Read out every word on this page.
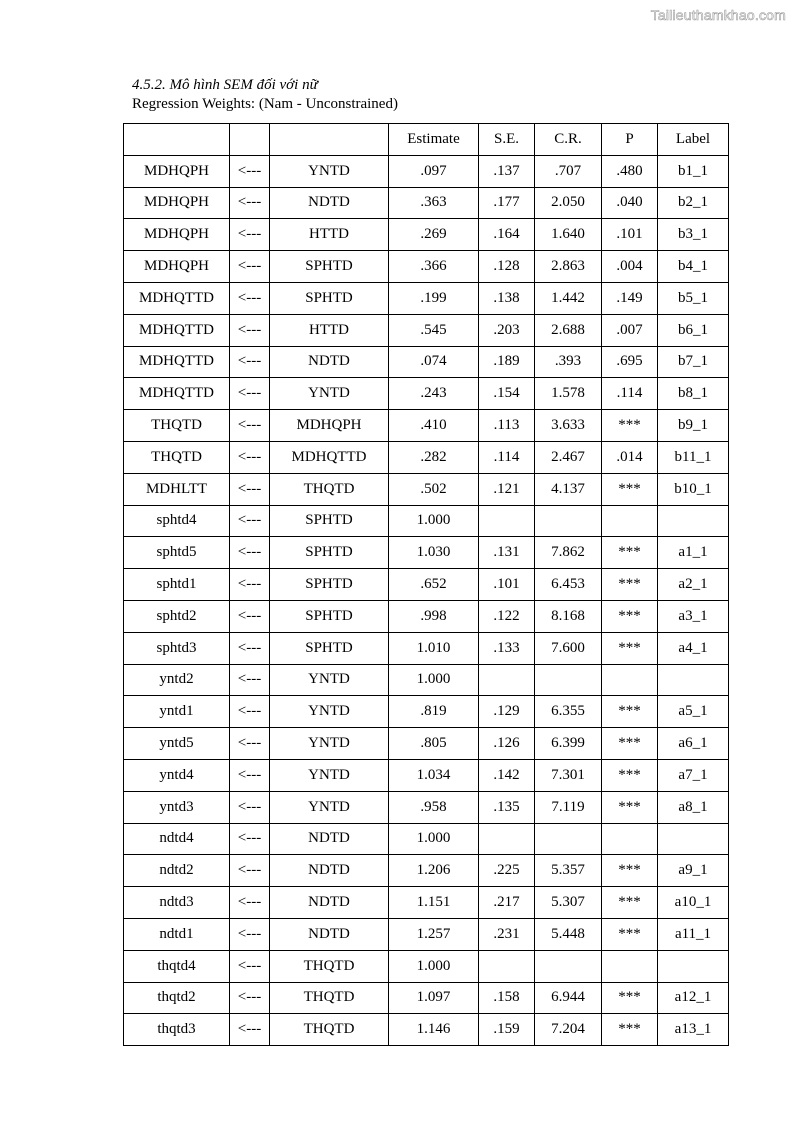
Tailieuthamkhao.com
4.5.2. Mô hình SEM đối với nữ
Regression Weights: (Nam - Unconstrained)
			Estimate	S.E.	C.R.	P	Label
MDHQPH	<---	YNTD	.097	.137	.707	.480	b1_1
MDHQPH	<---	NDTD	.363	.177	2.050	.040	b2_1
MDHQPH	<---	HTTD	.269	.164	1.640	.101	b3_1
MDHQPH	<---	SPHTD	.366	.128	2.863	.004	b4_1
MDHQTTD	<---	SPHTD	.199	.138	1.442	.149	b5_1
MDHQTTD	<---	HTTD	.545	.203	2.688	.007	b6_1
MDHQTTD	<---	NDTD	.074	.189	.393	.695	b7_1
MDHQTTD	<---	YNTD	.243	.154	1.578	.114	b8_1
THQTD	<---	MDHQPH	.410	.113	3.633	***	b9_1
THQTD	<---	MDHQTTD	.282	.114	2.467	.014	b11_1
MDHLTT	<---	THQTD	.502	.121	4.137	***	b10_1
sphtd4	<---	SPHTD	1.000				
sphtd5	<---	SPHTD	1.030	.131	7.862	***	a1_1
sphtd1	<---	SPHTD	.652	.101	6.453	***	a2_1
sphtd2	<---	SPHTD	.998	.122	8.168	***	a3_1
sphtd3	<---	SPHTD	1.010	.133	7.600	***	a4_1
yntd2	<---	YNTD	1.000				
yntd1	<---	YNTD	.819	.129	6.355	***	a5_1
yntd5	<---	YNTD	.805	.126	6.399	***	a6_1
yntd4	<---	YNTD	1.034	.142	7.301	***	a7_1
yntd3	<---	YNTD	.958	.135	7.119	***	a8_1
ndtd4	<---	NDTD	1.000				
ndtd2	<---	NDTD	1.206	.225	5.357	***	a9_1
ndtd3	<---	NDTD	1.151	.217	5.307	***	a10_1
ndtd1	<---	NDTD	1.257	.231	5.448	***	a11_1
thqtd4	<---	THQTD	1.000				
thqtd2	<---	THQTD	1.097	.158	6.944	***	a12_1
thqtd3	<---	THQTD	1.146	.159	7.204	***	a13_1
